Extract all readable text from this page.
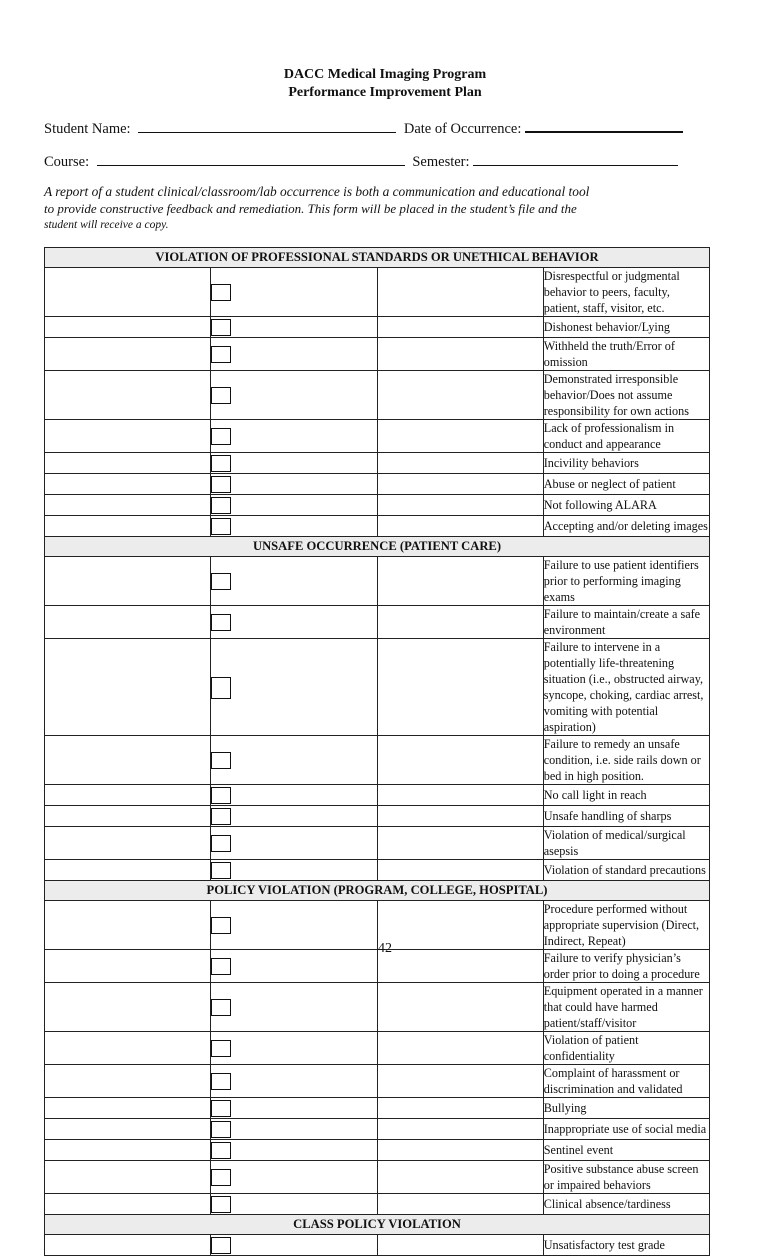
DACC Medical Imaging Program
Performance Improvement Plan
Student Name:	Date of Occurrence:
Course:	Semester:
A report of a student clinical/classroom/lab occurrence is both a communication and educational tool
to provide constructive feedback and remediation. This form will be placed in the student’s file and the
student will receive a copy.
VIOLATION OF PROFESSIONAL STANDARDS OR UNETHICAL BEHAVIOR			

		Disrespectful or judgmental behavior to peers, faculty, patient, staff, visitor, etc.

		Dishonest behavior/Lying

		Withheld the truth/Error of omission

		Demonstrated irresponsible behavior/Does not assume responsibility for own actions

		Lack of professionalism in conduct and appearance

		Incivility behaviors

		Abuse or neglect of patient

		Not following ALARA

		Accepting and/or deleting images
UNSAFE OCCURRENCE (PATIENT CARE)			

		Failure to use patient identifiers prior to performing imaging exams

		Failure to maintain/create a safe environment

		Failure to intervene in a potentially life-threatening situation (i.e., obstructed airway, syncope, choking, cardiac arrest, vomiting with potential aspiration)

		Failure to remedy an unsafe condition, i.e. side rails down or bed in high position.

		No call light in reach

		Unsafe handling of sharps

		Violation of medical/surgical asepsis

		Violation of standard precautions
POLICY VIOLATION (PROGRAM, COLLEGE, HOSPITAL)			

		Procedure performed without appropriate supervision (Direct, Indirect, Repeat)

		Failure to verify physician’s order prior to doing a procedure

		Equipment operated in a manner that could have harmed patient/staff/visitor

		Violation of patient confidentiality

		Complaint of harassment or discrimination and validated

		Bullying

		Inappropriate use of social media

		Sentinel event

		Positive substance abuse screen or impaired behaviors

		Clinical absence/tardiness
CLASS POLICY VIOLATION			

		Unsatisfactory test grade
42
